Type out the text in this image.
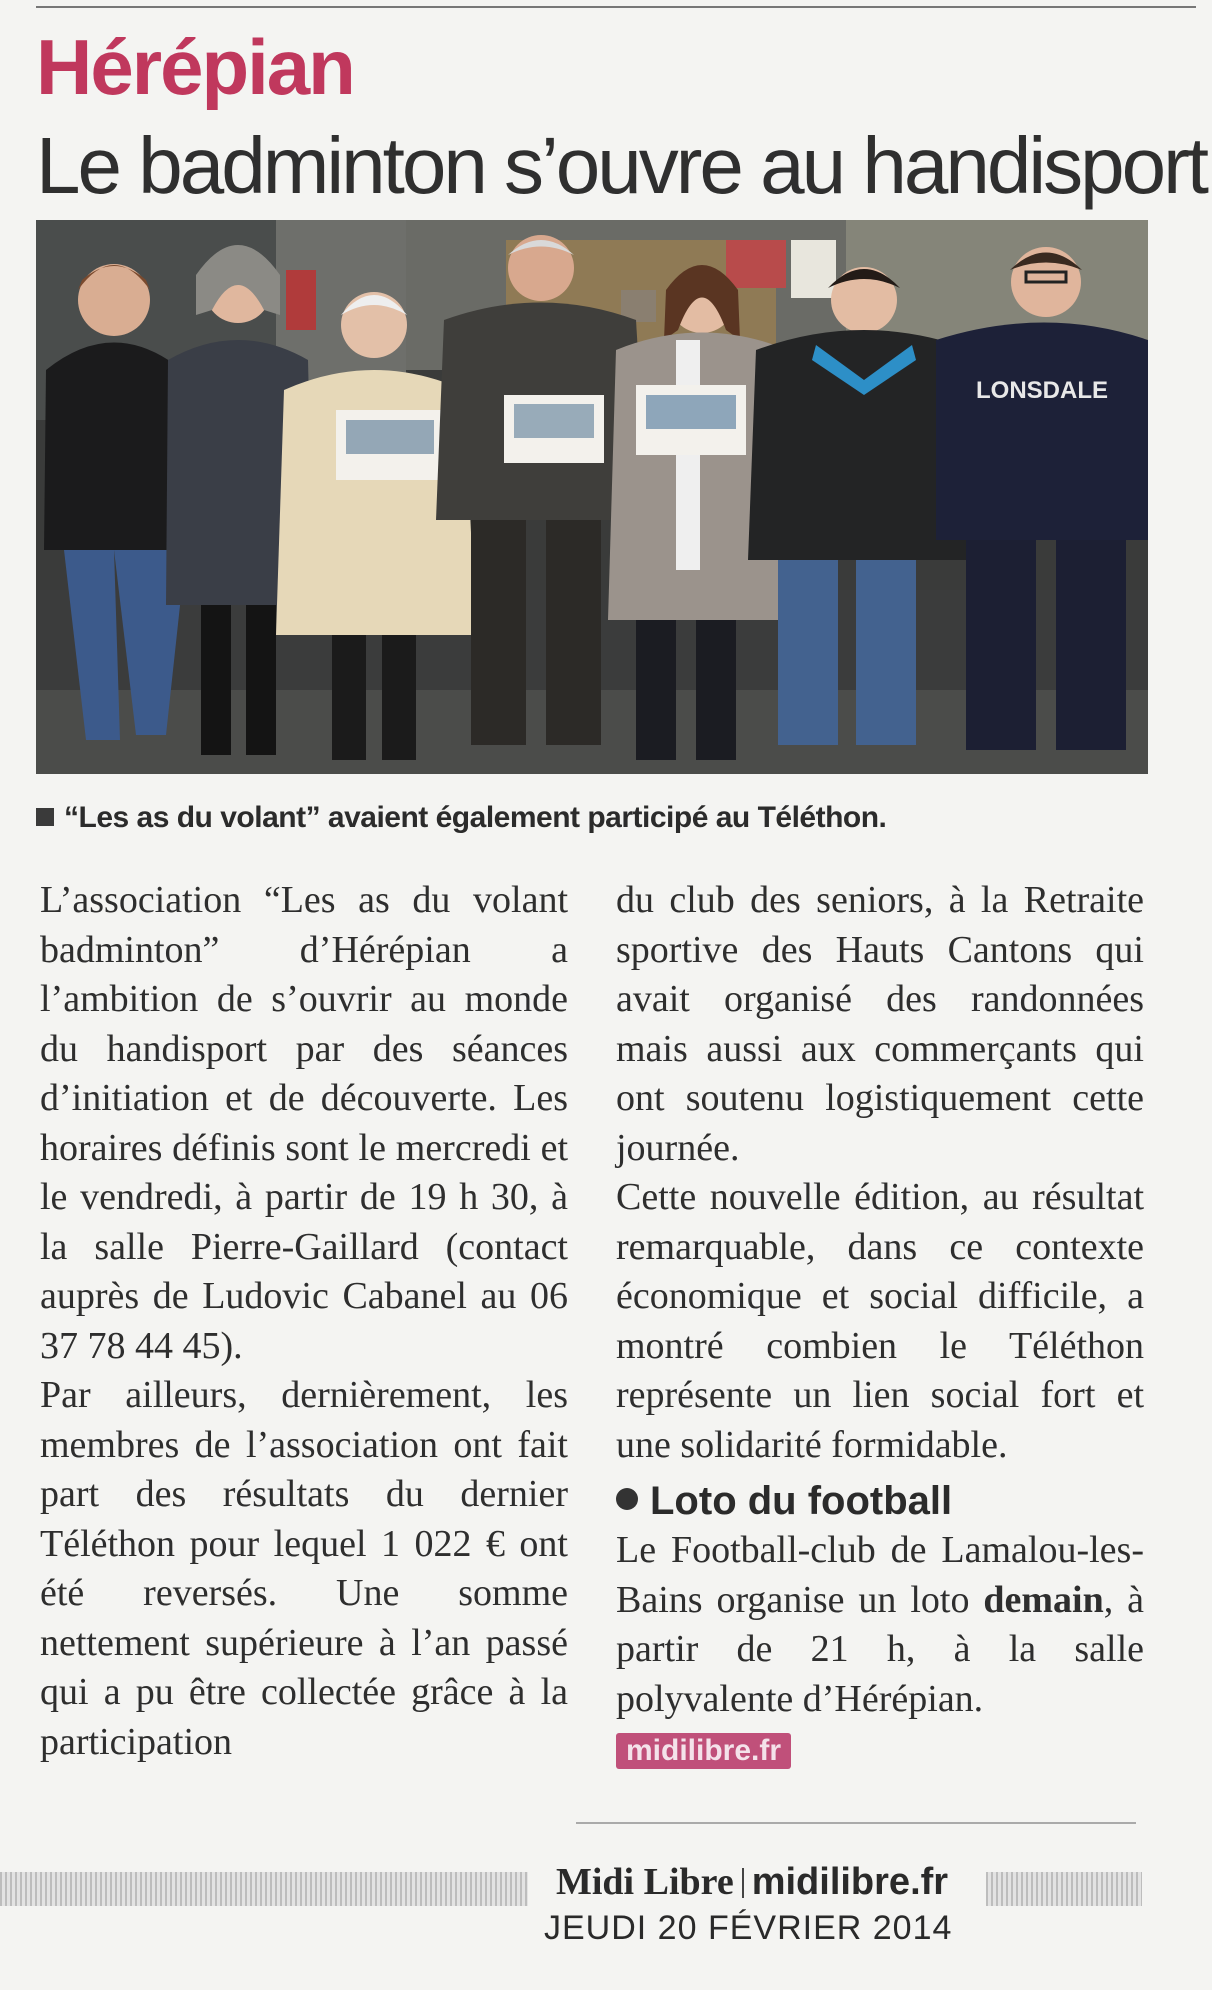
Hérépian
Le badminton s’ouvre au handisport
LONSDALE
“Les as du volant” avaient également participé au Téléthon.

L’association “Les as du volant badminton” d’Hérépian a l’ambition de s’ouvrir au monde du handisport par des séances d’initiation et de découverte. Les horaires définis sont le mercredi et le vendredi, à partir de 19 h 30, à la salle Pierre-Gaillard (contact auprès de Ludovic Cabanel au 06 37 78 44 45).

Par ailleurs, dernièrement, les membres de l’association ont fait part des résultats du dernier Téléthon pour lequel 1 022 € ont été reversés. Une somme nettement supérieure à l’an passé qui a pu être collectée grâce à la participation

du club des seniors, à la Retraite sportive des Hauts Cantons qui avait organisé des randonnées mais aussi aux commerçants qui ont soutenu logistiquement cette journée.

Cette nouvelle édition, au résultat remarquable, dans ce contexte économique et social difficile, a montré combien le Téléthon représente un lien social fort et une solidarité formidable.

Loto du football

Le Football-club de Lamalou-les-Bains organise un loto demain, à partir de 21 h, à la salle polyvalente d’Hérépian.

midilibre.fr
Midi Libre midilibre.fr
JEUDI 20 FÉVRIER 2014
